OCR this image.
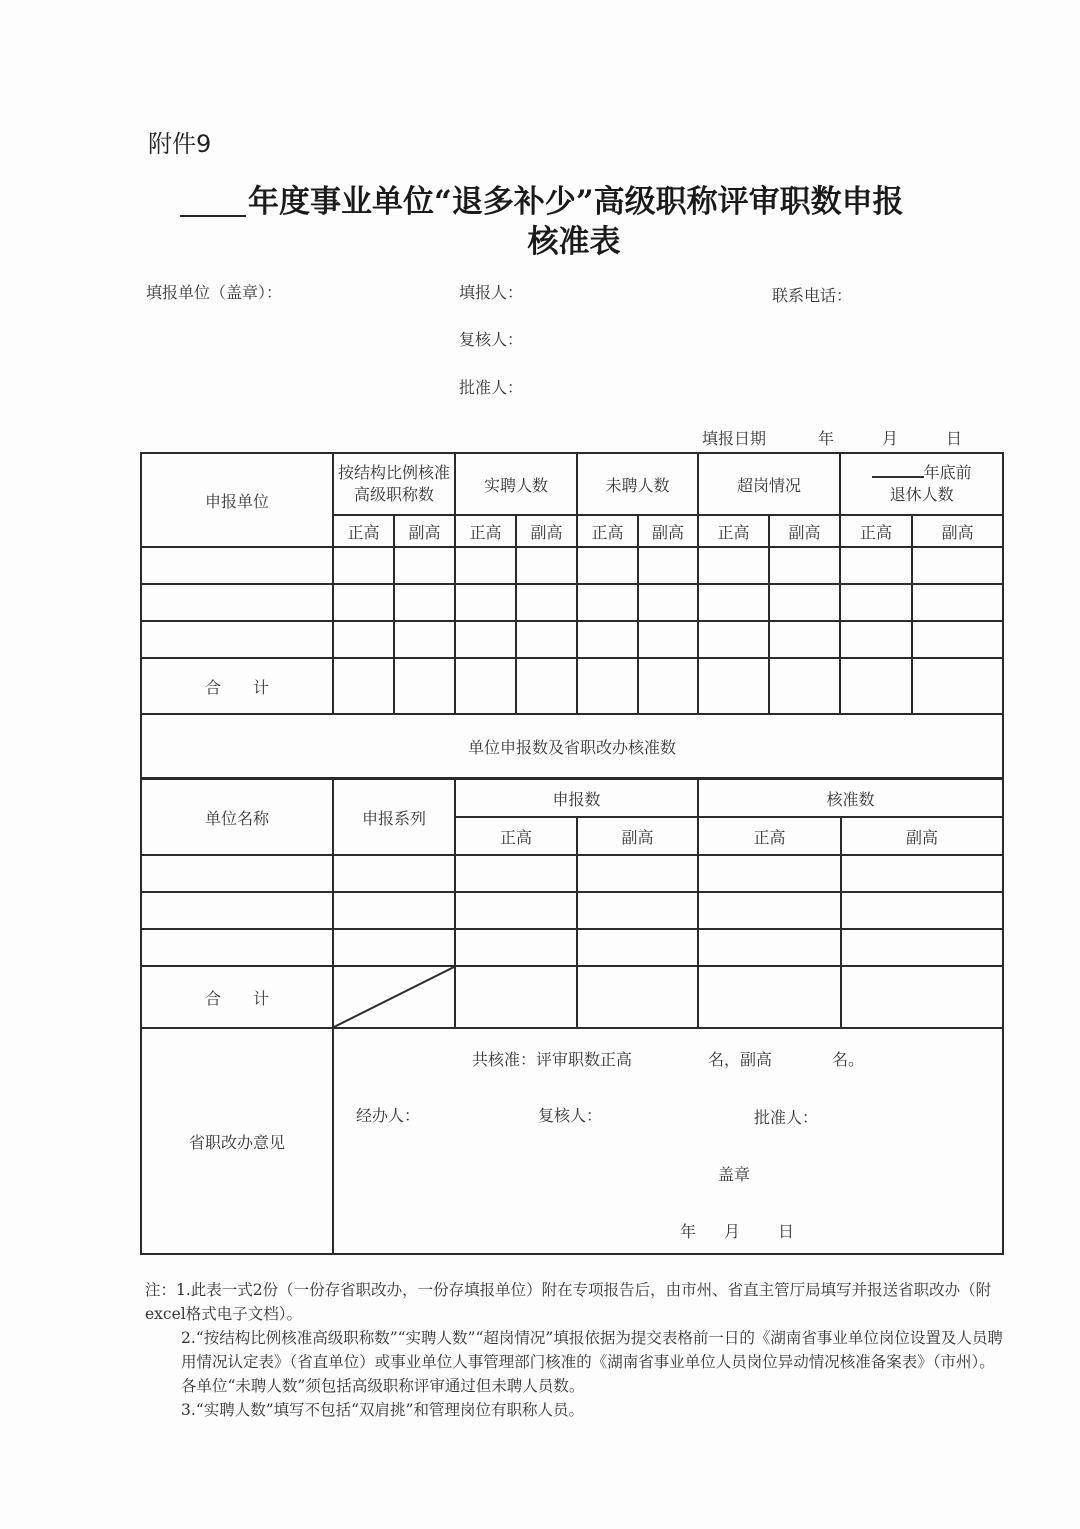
附件9
年度事业单位“退多补少”高级职称评审职数申报
核准表
填报单位（盖章）：	填报人：	联系电话：
复核人：
批准人：
填报日期	年	月	日
申报单位	按结构比例核准高级职称数		实聘人数		未聘人数		超岗情况		年底前
退休人数	
	正高	副高	正高	副高	正高	副高	正高	副高	正高	副高

合　　计										
单位申报数及省职改办核准数										
单位名称	申报系列	申报数		核准数	
		正高	副高	正高	副高

合　　计	

省职改办意见	
共核准：评审职数正高	名，副高	名。
经办人：	复核人：	批准人：
盖章
年 月 日

注：1.此表一式2份（一份存省职改办，一份存填报单位）附在专项报告后，由市州、省直主管厅局填写并报送省职改办（附excel格式电子文档）。

2.“按结构比例核准高级职称数”“实聘人数”“超岗情况”填报依据为提交表格前一日的《湖南省事业单位岗位设置及人员聘用情况认定表》（省直单位）或事业单位人事管理部门核准的《湖南省事业单位人员岗位异动情况核准备案表》（市州）。各单位“未聘人数”须包括高级职称评审通过但未聘人员数。

3.“实聘人数”填写不包括“双肩挑”和管理岗位有职称人员。
